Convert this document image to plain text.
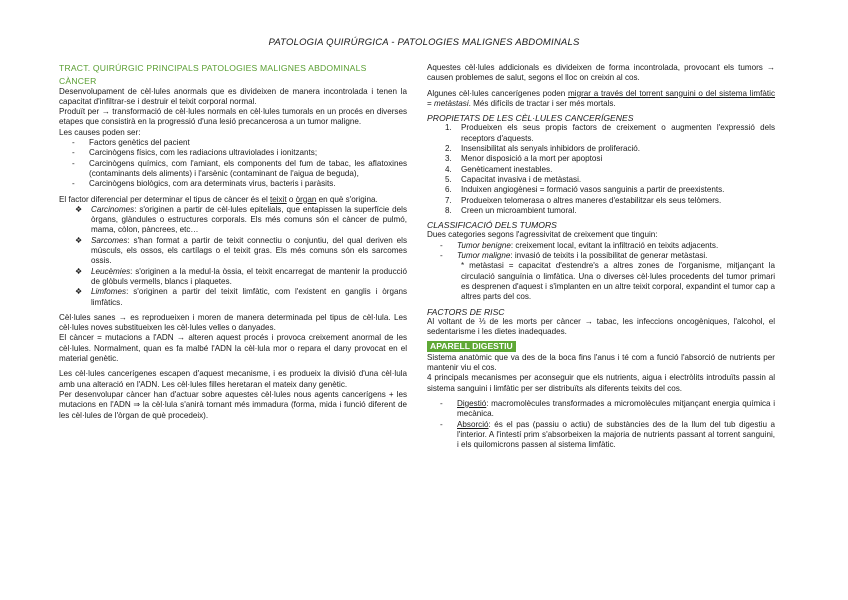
PATOLOGIA QUIRÚRGICA - PATOLOGIES MALIGNES ABDOMINALS

TRACT. QUIRÚRGIC PRINCIPALS PATOLOGIES MALIGNES ABDOMINALS

CÀNCER

Desenvolupament de cèl·lules anormals que es divideixen de manera incontrolada i tenen la capacitat d'infiltrar-se i destruir el teixit corporal normal.

Produït per → transformació de cèl·lules normals en cèl·lules tumorals en un procés en diverses etapes que consistirà en la progressió d'una lesió precancerosa a un tumor maligne.

Les causes poden ser:

- Factors genètics del pacient
- Carcinògens físics, com les radiacions ultraviolades i ionitzants;
- Carcinògens químics, com l'amiant, els components del fum de tabac, les aflatoxines (contaminants dels aliments) i l'arsènic (contaminant de l'aigua de beguda),
- Carcinògens biològics, com ara determinats virus, bacteris i paràsits.

El factor diferencial per determinar el tipus de càncer és el teixit o òrgan en què s'origina.

❖ Carcinomes: s'originen a partir de cèl·lules epitelials, que entapissen la superfície dels òrgans, glàndules o estructures corporals. Els més comuns són el càncer de pulmó, mama, còlon, pàncrees, etc…
❖ Sarcomes: s'han format a partir de teixit connectiu o conjuntiu, del qual deriven els músculs, els ossos, els cartílags o el teixit gras. Els més comuns són els sarcomes ossis.
❖ Leucèmies: s'originen a la medul·la òssia, el teixit encarregat de mantenir la producció de glòbuls vermells, blancs i plaquetes.
❖ Limfomes: s'originen a partir del teixit limfàtic, com l'existent en ganglis i òrgans limfàtics.

Cèl·lules sanes → es reprodueixen i moren de manera determinada pel tipus de cèl·lula. Les cèl·lules noves substitueixen les cèl·lules velles o danyades.

El càncer = mutacions a l'ADN → alteren aquest procés i provoca creixement anormal de les cèl·lules. Normalment, quan es fa malbé l'ADN la cèl·lula mor o repara el dany provocat en el material genètic.

Les cèl·lules cancerígenes escapen d'aquest mecanisme, i es produeix la divisió d'una cèl·lula amb una alteració en l'ADN. Les cèl·lules filles heretaran el mateix dany genètic.

Per desenvolupar càncer han d'actuar sobre aquestes cèl·lules nous agents cancerígens + les mutacions en l'ADN ⇒ la cèl·lula s'anirà tornant més immadura (forma, mida i funció diferent de les cèl·lules de l'òrgan de què procedeix).

Aquestes cèl·lules addicionals es divideixen de forma incontrolada, provocant els tumors → causen problemes de salut, segons el lloc on creixin al cos.

Algunes cèl·lules cancerígenes poden migrar a través del torrent sanguini o del sistema limfàtic = metàstasi. Més difícils de tractar i ser més mortals.

PROPIETATS DE LES CÈL·LULES CANCERÍGENES

1. Produeixen els seus propis factors de creixement o augmenten l'expressió dels receptors d'aquests.
2. Insensibilitat als senyals inhibidors de proliferació.
3. Menor disposició a la mort per apoptosi
4. Genèticament inestables.
5. Capacitat invasiva i de metàstasi.
6. Induixen angiogènesi = formació vasos sanguinis a partir de preexistents.
7. Produeixen telomerasa o altres maneres d'estabilitzar els seus telòmers.
8. Creen un microambient tumoral.

CLASSIFICACIÓ DELS TUMORS

Dues categories segons l'agressivitat de creixement que tinguin:

- Tumor benigne: creixement local, evitant la infiltració en teixits adjacents.
- Tumor maligne: invasió de teixits i la possibilitat de generar metàstasi.

* metàstasi = capacitat d'estendre's a altres zones de l'organisme, mitjançant la circulació sanguínia o limfàtica. Una o diverses cèl·lules procedents del tumor primari es desprenen d'aquest i s'implanten en un altre teixit corporal, expandint el tumor cap a altres parts del cos.

FACTORS DE RISC

Al voltant de ⅓ de les morts per càncer → tabac, les infeccions oncogèniques, l'alcohol, el sedentarisme i les dietes inadequades.

APARELL DIGESTIU

Sistema anatòmic que va des de la boca fins l'anus i té com a funció l'absorció de nutrients per mantenir viu el cos.

4 principals mecanismes per aconseguir que els nutrients, aigua i electròlits introduïts passin al sistema sanguini i limfàtic per ser distribuïts als diferents teixits del cos.

- Digestió: macromolècules transformades a micromolècules mitjançant energia química i mecànica.
- Absorció: és el pas (passiu o actiu) de substàncies des de la llum del tub digestiu a l'interior. A l'intestí prim s'absorbeixen la majoria de nutrients passant al torrent sanguini, i els quilomicrons passen al sistema limfàtic.
